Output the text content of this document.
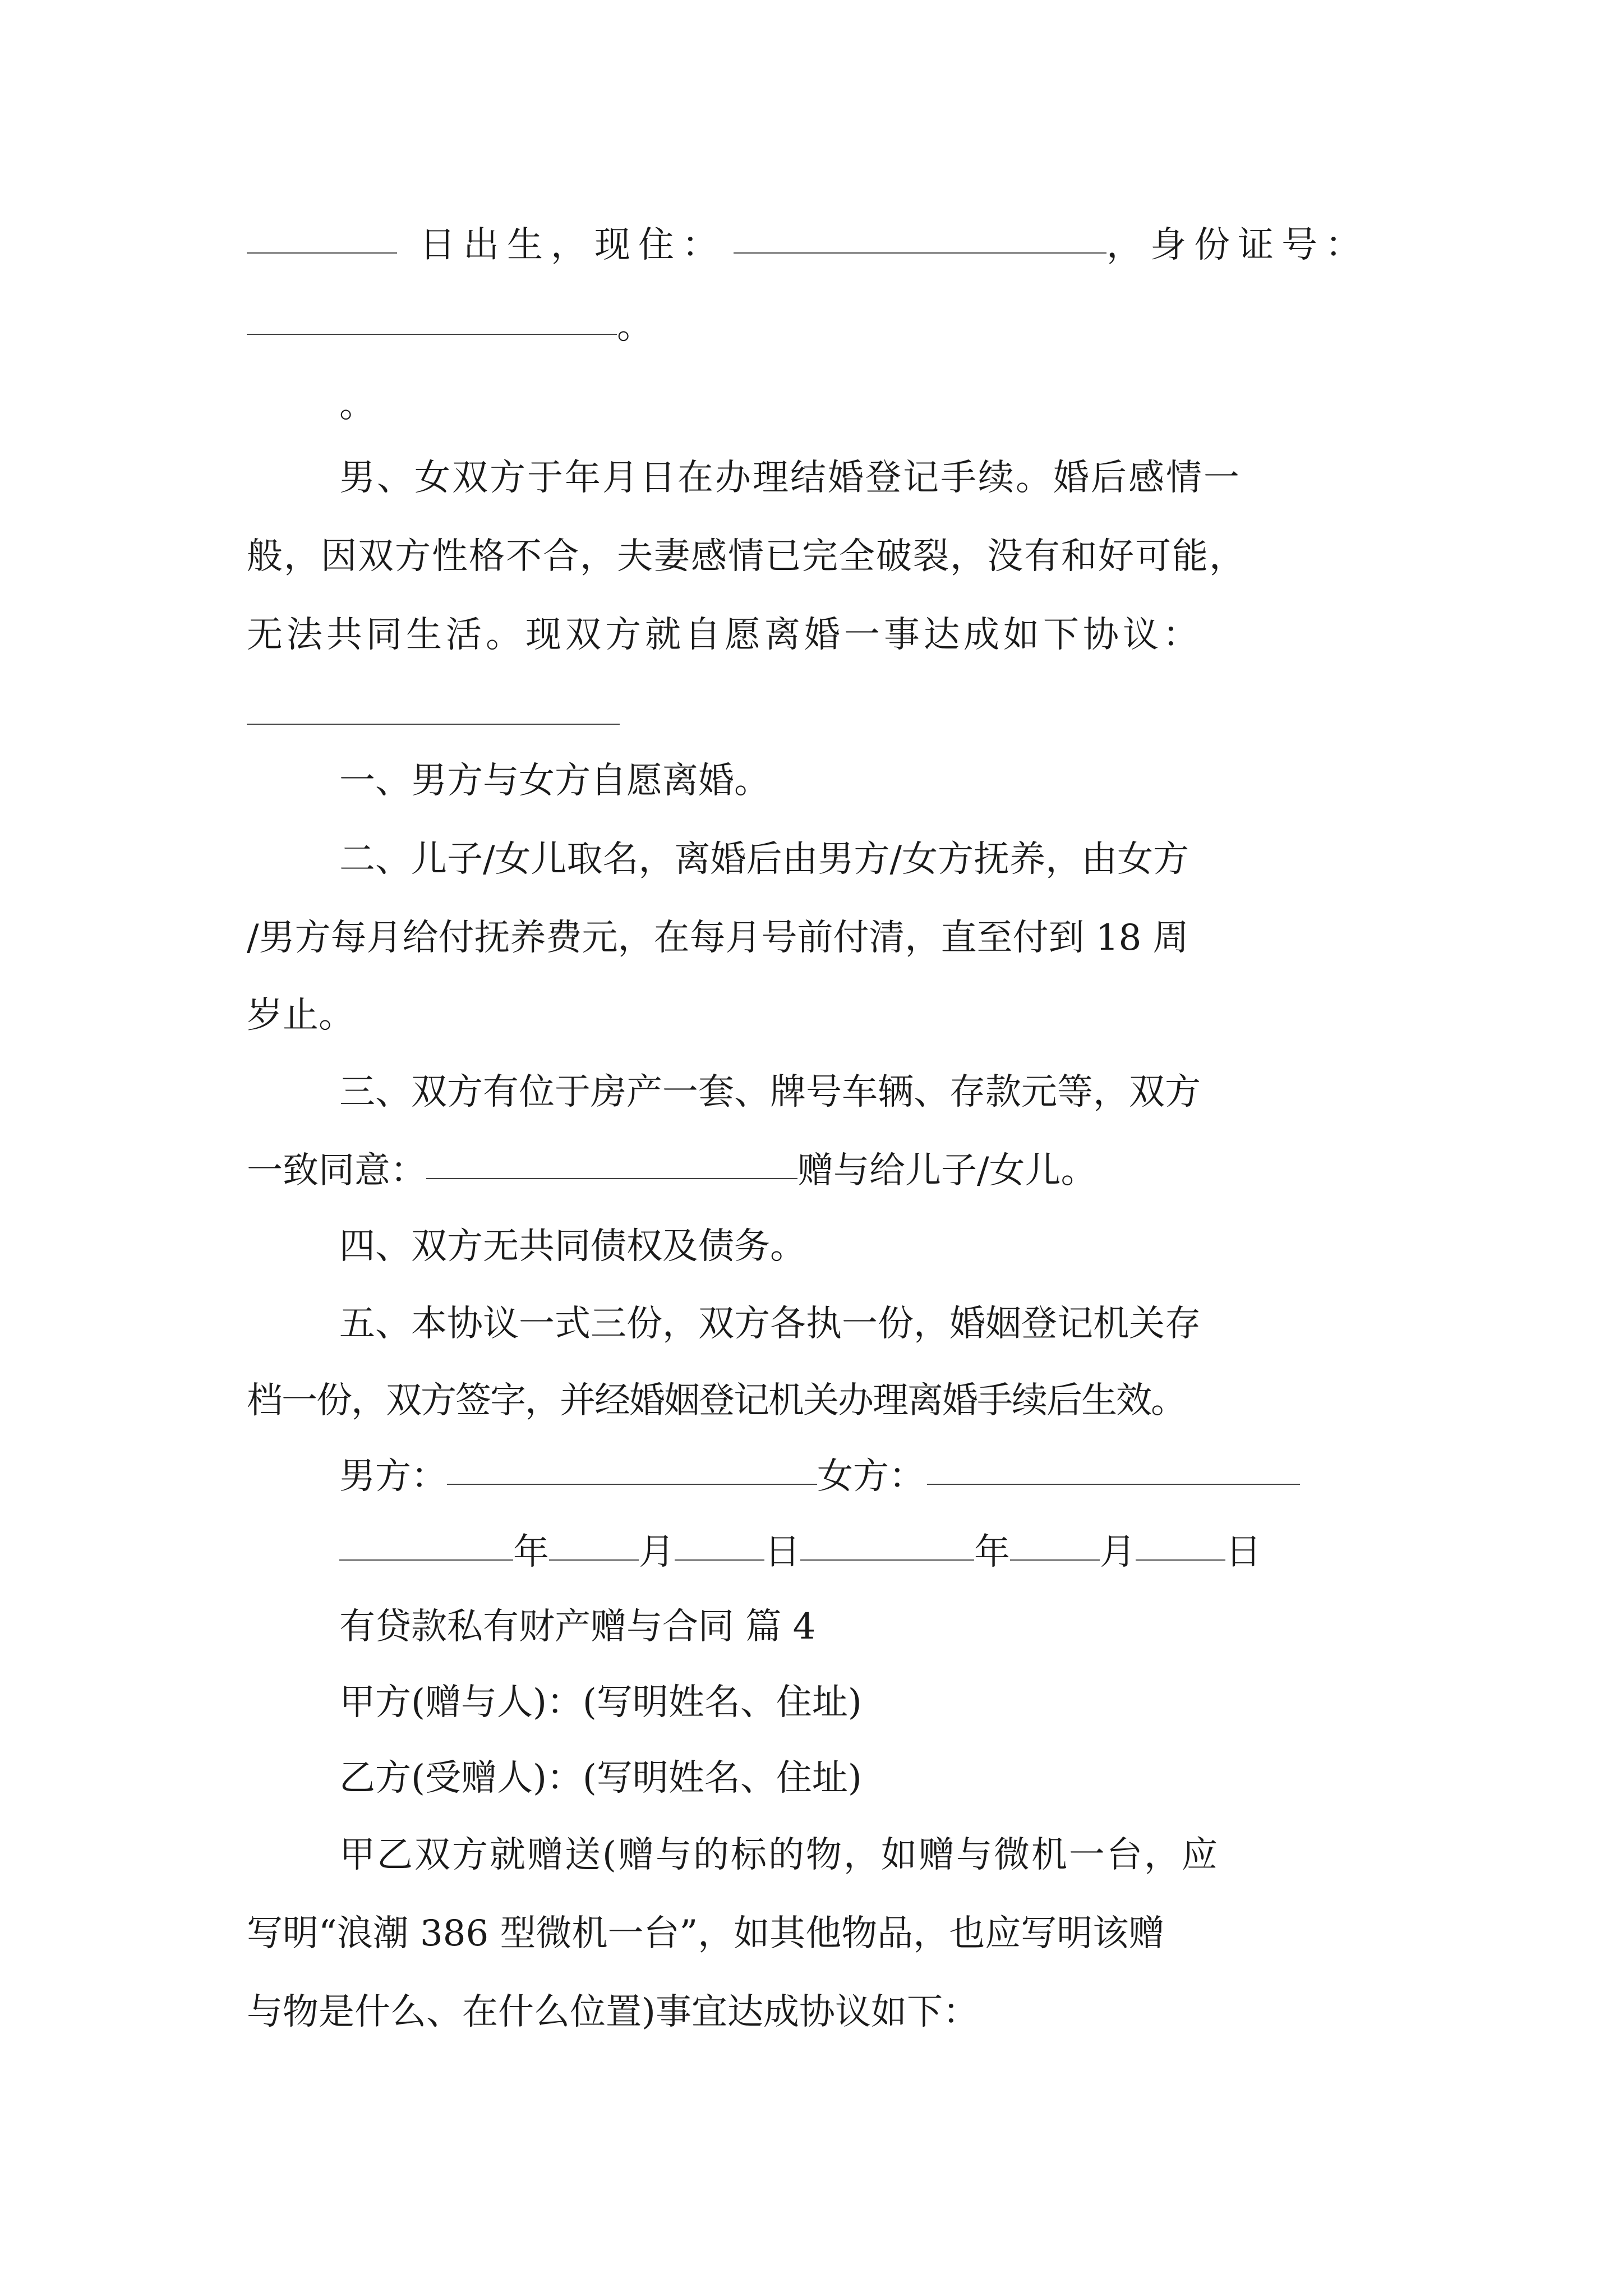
日出生，现住：	，身份证号：
。
。
男、女双方于年月日在办理结婚登记手续。婚后感情一
般，因双方性格不合，夫妻感情已完全破裂，没有和好可能，
无法共同生活。现双方就自愿离婚一事达成如下协议：
一、男方与女方自愿离婚。
二、儿子/女儿取名，离婚后由男方/女方抚养，由女方
/男方每月给付抚养费元，在每月号前付清，直至付到 18 周
岁止。
三、双方有位于房产一套、牌号车辆、存款元等，双方
一致同意：	赠与给儿子/女儿。
四、双方无共同债权及债务。
五、本协议一式三份，双方各执一份，婚姻登记机关存
档一份，双方签字，并经婚姻登记机关办理离婚手续后生效。
男方：	女方：
年	月	日	年	月	日
有贷款私有财产赠与合同 篇 4
甲方(赠与人)：(写明姓名、住址)
乙方(受赠人)：(写明姓名、住址)
甲乙双方就赠送(赠与的标的物，如赠与微机一台，应
写明“浪潮 386 型微机一台”，如其他物品，也应写明该赠
与物是什么、在什么位置)事宜达成协议如下：
